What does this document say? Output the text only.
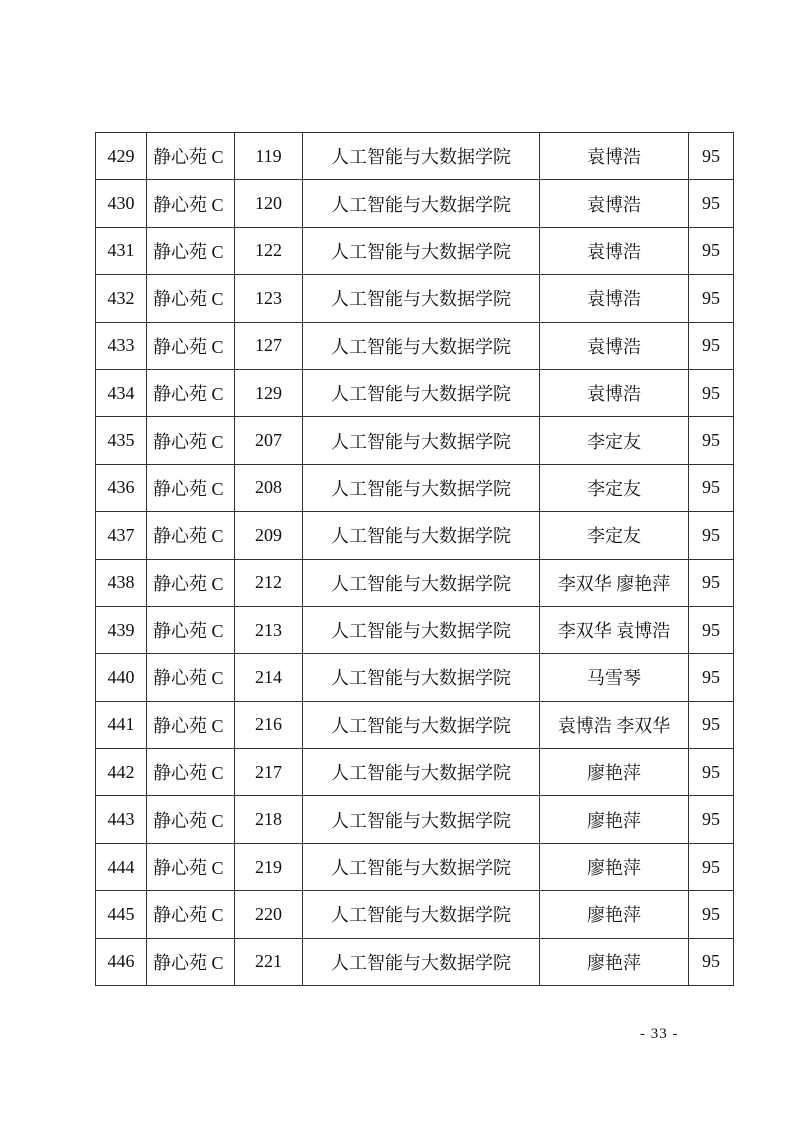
429	静心苑 C	119	人工智能与大数据学院	袁博浩	95
430	静心苑 C	120	人工智能与大数据学院	袁博浩	95
431	静心苑 C	122	人工智能与大数据学院	袁博浩	95
432	静心苑 C	123	人工智能与大数据学院	袁博浩	95
433	静心苑 C	127	人工智能与大数据学院	袁博浩	95
434	静心苑 C	129	人工智能与大数据学院	袁博浩	95
435	静心苑 C	207	人工智能与大数据学院	李定友	95
436	静心苑 C	208	人工智能与大数据学院	李定友	95
437	静心苑 C	209	人工智能与大数据学院	李定友	95
438	静心苑 C	212	人工智能与大数据学院	李双华 廖艳萍	95
439	静心苑 C	213	人工智能与大数据学院	李双华 袁博浩	95
440	静心苑 C	214	人工智能与大数据学院	马雪琴	95
441	静心苑 C	216	人工智能与大数据学院	袁博浩 李双华	95
442	静心苑 C	217	人工智能与大数据学院	廖艳萍	95
443	静心苑 C	218	人工智能与大数据学院	廖艳萍	95
444	静心苑 C	219	人工智能与大数据学院	廖艳萍	95
445	静心苑 C	220	人工智能与大数据学院	廖艳萍	95
446	静心苑 C	221	人工智能与大数据学院	廖艳萍	95
- 33 -
